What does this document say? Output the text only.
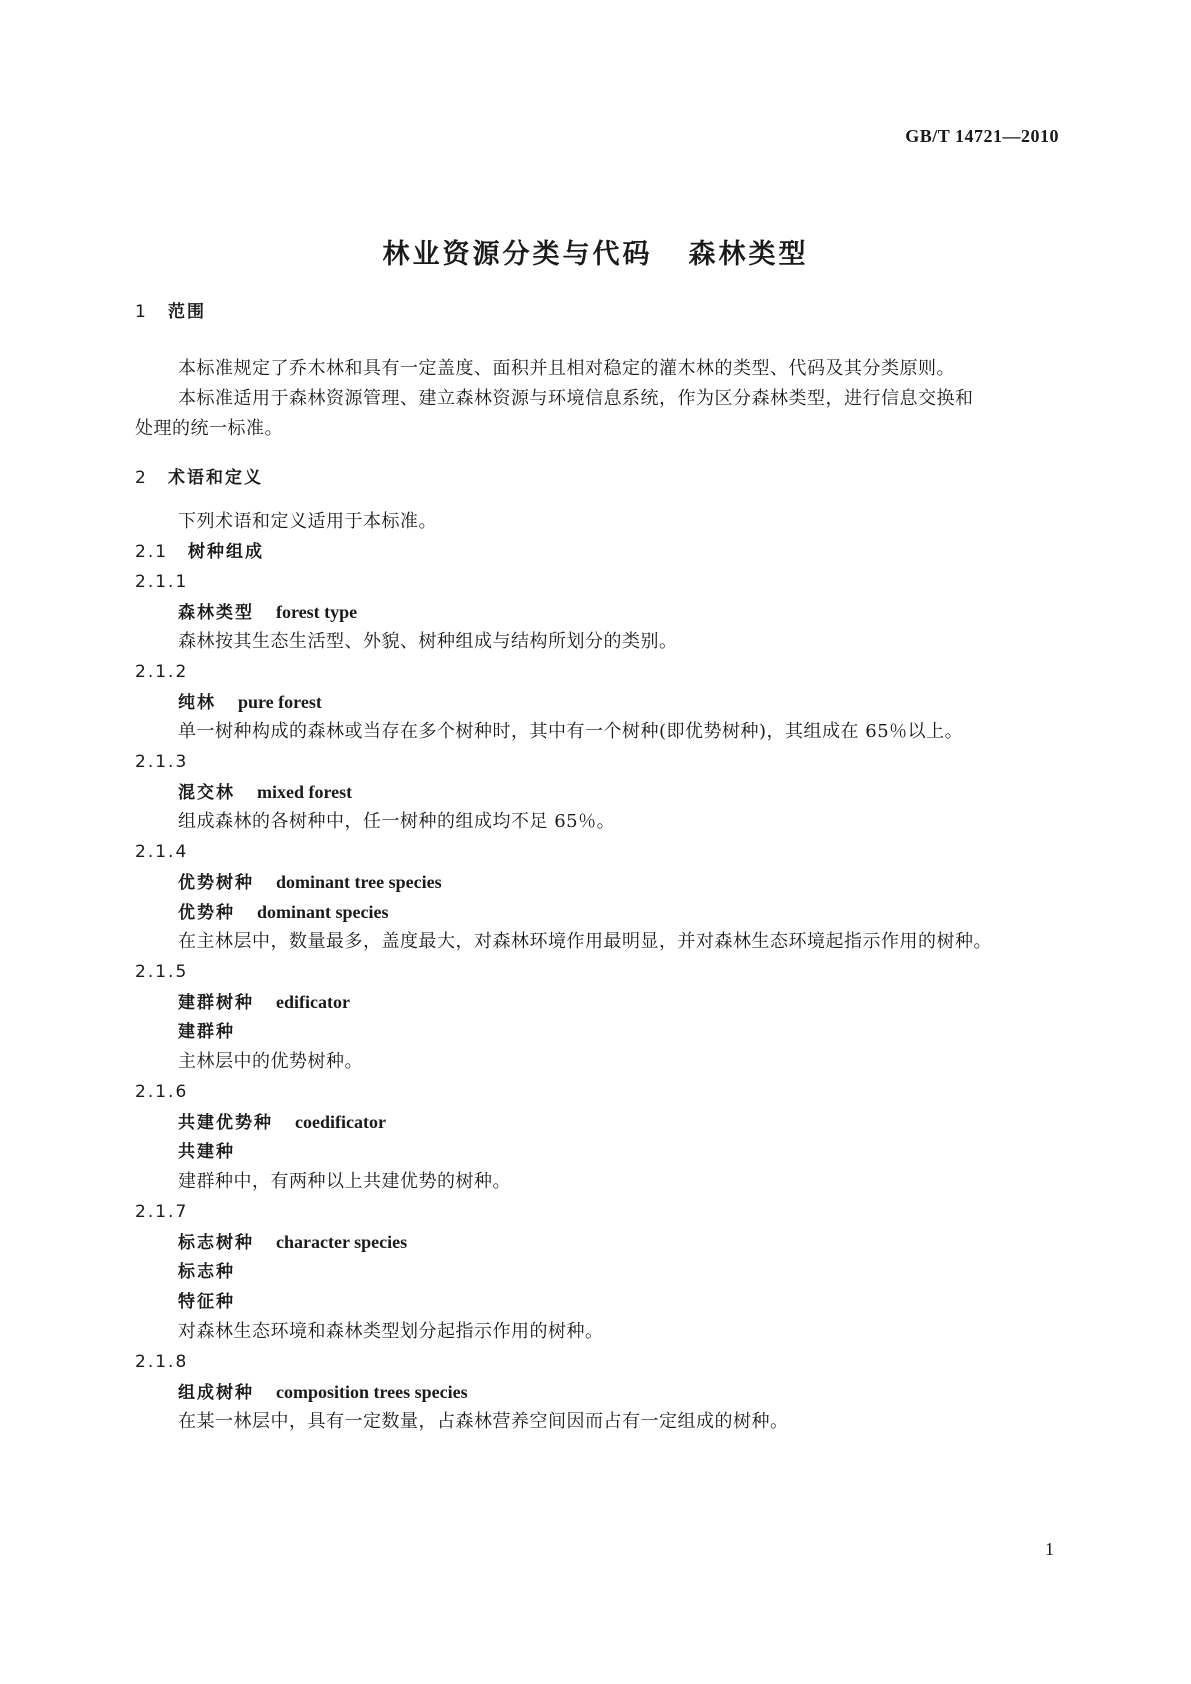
GB/T 14721—2010
林业资源分类与代码 森林类型
1 范围
本标准规定了乔木林和具有一定盖度、面积并且相对稳定的灌木林的类型、代码及其分类原则。
本标准适用于森林资源管理、建立森林资源与环境信息系统，作为区分森林类型，进行信息交换和
处理的统一标准。
2 术语和定义
下列术语和定义适用于本标准。
2.1 树种组成
2.1.1
森林类型 forest type
森林按其生态生活型、外貌、树种组成与结构所划分的类别。
2.1.2
纯林 pure forest
单一树种构成的森林或当存在多个树种时，其中有一个树种(即优势树种)，其组成在 65％以上。
2.1.3
混交林 mixed forest
组成森林的各树种中，任一树种的组成均不足 65％。
2.1.4
优势树种 dominant tree species
优势种 dominant species
在主林层中，数量最多，盖度最大，对森林环境作用最明显，并对森林生态环境起指示作用的树种。
2.1.5
建群树种 edificator
建群种
主林层中的优势树种。
2.1.6
共建优势种 coedificator
共建种
建群种中，有两种以上共建优势的树种。
2.1.7
标志树种 character species
标志种
特征种
对森林生态环境和森林类型划分起指示作用的树种。
2.1.8
组成树种 composition trees species
在某一林层中，具有一定数量，占森林营养空间因而占有一定组成的树种。
1
